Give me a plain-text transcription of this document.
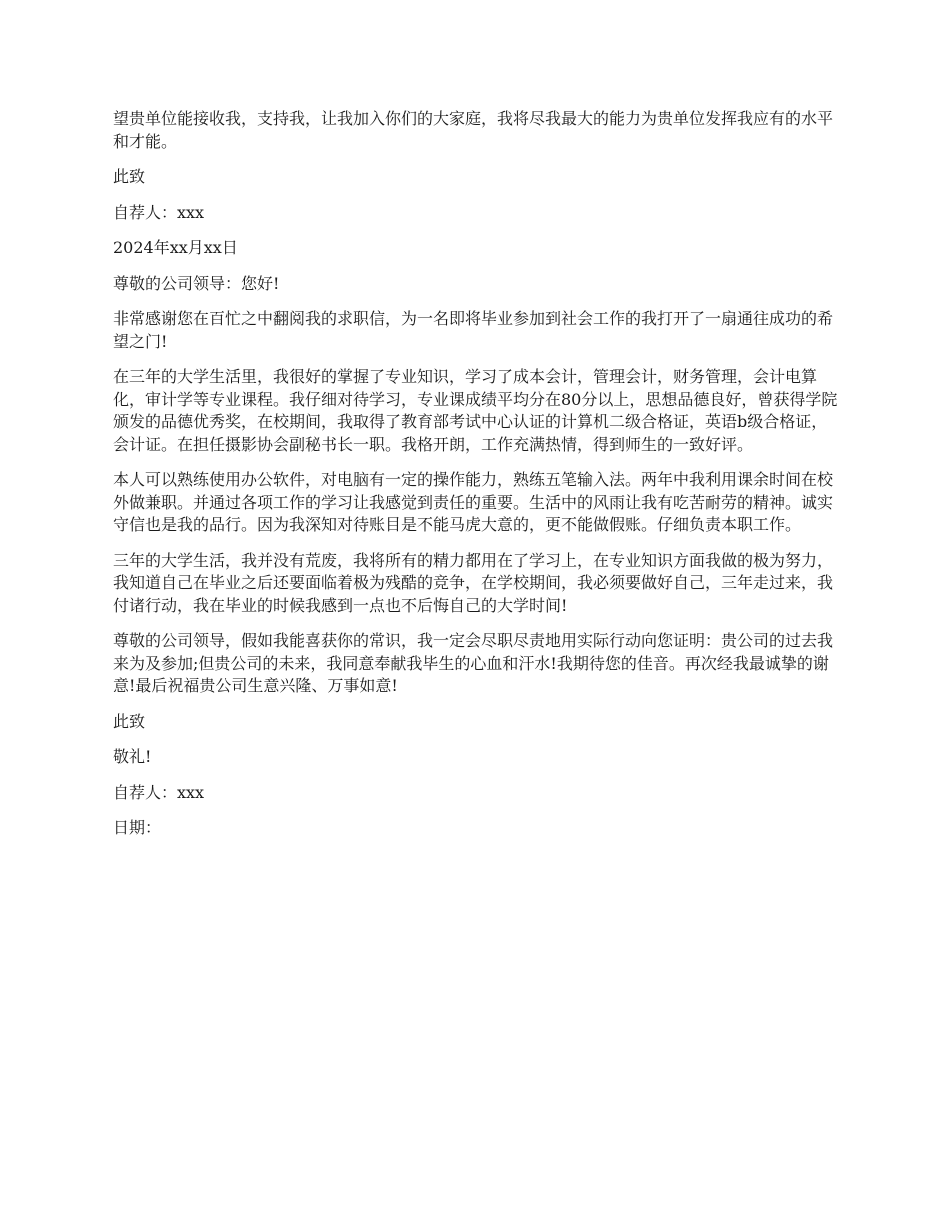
望贵单位能接收我，支持我，让我加入你们的大家庭，我将尽我最大的能力为贵单位发挥我应有的水平和才能。

此致

自荐人：xxx

2024年xx月xx日

尊敬的公司领导：您好!

非常感谢您在百忙之中翻阅我的求职信，为一名即将毕业参加到社会工作的我打开了一扇通往成功的希望之门!

在三年的大学生活里，我很好的掌握了专业知识，学习了成本会计，管理会计，财务管理，会计电算化，审计学等专业课程。我仔细对待学习，专业课成绩平均分在80分以上，思想品德良好，曾获得学院颁发的品德优秀奖，在校期间，我取得了教育部考试中心认证的计算机二级合格证，英语b级合格证，会计证。在担任摄影协会副秘书长一职。我格开朗，工作充满热情，得到师生的一致好评。

本人可以熟练使用办公软件，对电脑有一定的操作能力，熟练五笔输入法。两年中我利用课余时间在校外做兼职。并通过各项工作的学习让我感觉到责任的重要。生活中的风雨让我有吃苦耐劳的精神。诚实守信也是我的品行。因为我深知对待账目是不能马虎大意的，更不能做假账。仔细负责本职工作。

三年的大学生活，我并没有荒废，我将所有的精力都用在了学习上，在专业知识方面我做的极为努力，我知道自己在毕业之后还要面临着极为残酷的竞争，在学校期间，我必须要做好自己，三年走过来，我付诸行动，我在毕业的时候我感到一点也不后悔自己的大学时间!

尊敬的公司领导，假如我能喜获你的常识，我一定会尽职尽责地用实际行动向您证明：贵公司的过去我来为及参加;但贵公司的未来，我同意奉献我毕生的心血和汗水!我期待您的佳音。再次经我最诚挚的谢意!最后祝福贵公司生意兴隆、万事如意!

此致

敬礼!

自荐人：xxx

日期：
